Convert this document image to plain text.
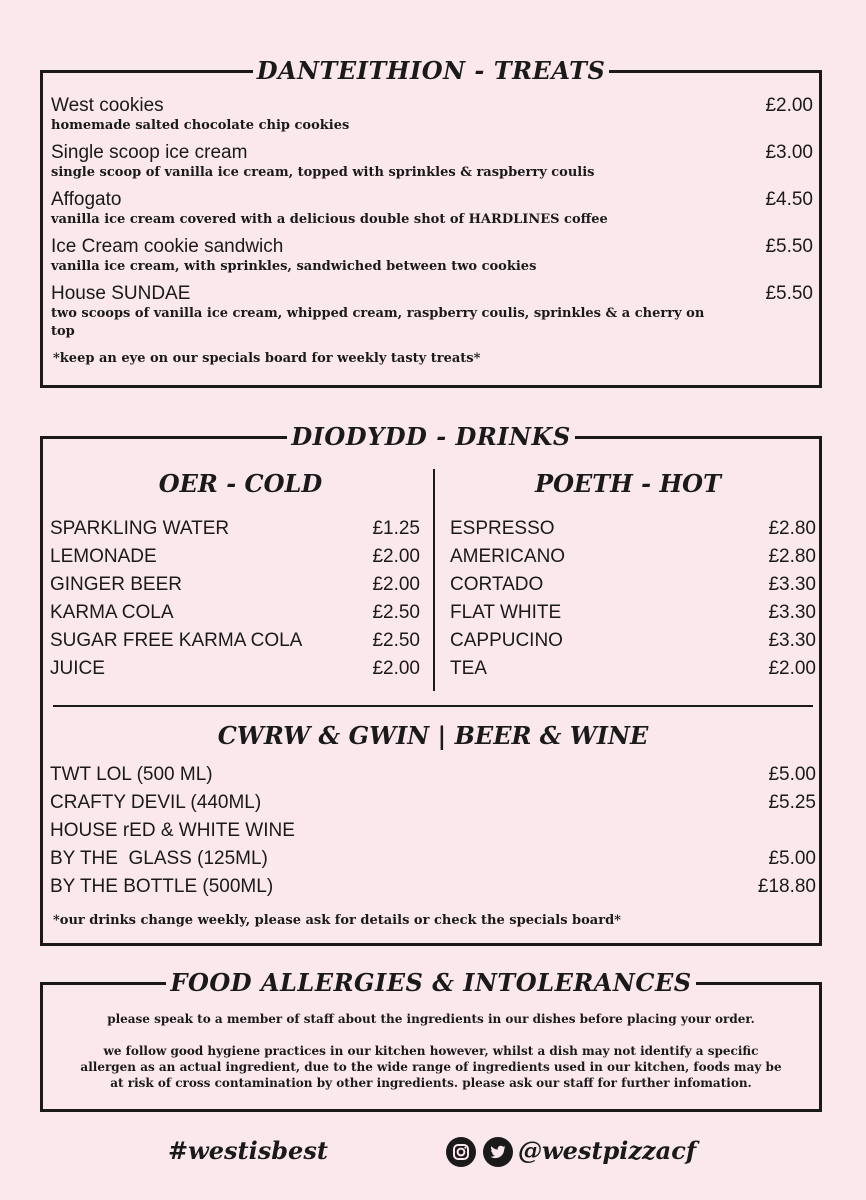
DANTEITHION - TREATS
West cookies
homemade salted chocolate chip cookies
£2.00
Single scoop ice cream
single scoop of vanilla ice cream, topped with sprinkles & raspberry coulis
£3.00
Affogato
vanilla ice cream covered with a delicious double shot of HARDLINES coffee
£4.50
Ice Cream cookie sandwich
vanilla ice cream, with sprinkles, sandwiched between two cookies
£5.50
House SUNDAE
two scoops of vanilla ice cream, whipped cream, raspberry coulis, sprinkles & a cherry on top
£5.50
*keep an eye on our specials board for weekly tasty treats*
DIODYDD - DRINKS
OER - COLD	POETH - HOT
SPARKLING WATER	£1.25
LEMONADE	£2.00
GINGER BEER	£2.00
KARMA COLA	£2.50
SUGAR FREE KARMA COLA	£2.50
JUICE	£2.00
ESPRESSO	£2.80
AMERICANO	£2.80
CORTADO	£3.30
FLAT WHITE	£3.30
CAPPUCINO	£3.30
TEA	£2.00
CWRW & GWIN | BEER & WINE
TWT LOL (500 ML)	£5.00
CRAFTY DEVIL (440ML)	£5.25
HOUSE rED & WHITE WINE
BY THE  GLASS (125ML)	£5.00
BY THE BOTTLE (500ML)	£18.80
*our drinks change weekly, please ask for details or check the specials board*
FOOD ALLERGIES & INTOLERANCES
please speak to a member of staff about the ingredients in our dishes before placing your order.
we follow good hygiene practices in our kitchen however, whilst a dish may not identify a specific allergen as an actual ingredient, due to the wide range of ingredients used in our kitchen, foods may be at risk of cross contamination by other ingredients. please ask our staff for further infomation.
#westisbest	@westpizzacf
